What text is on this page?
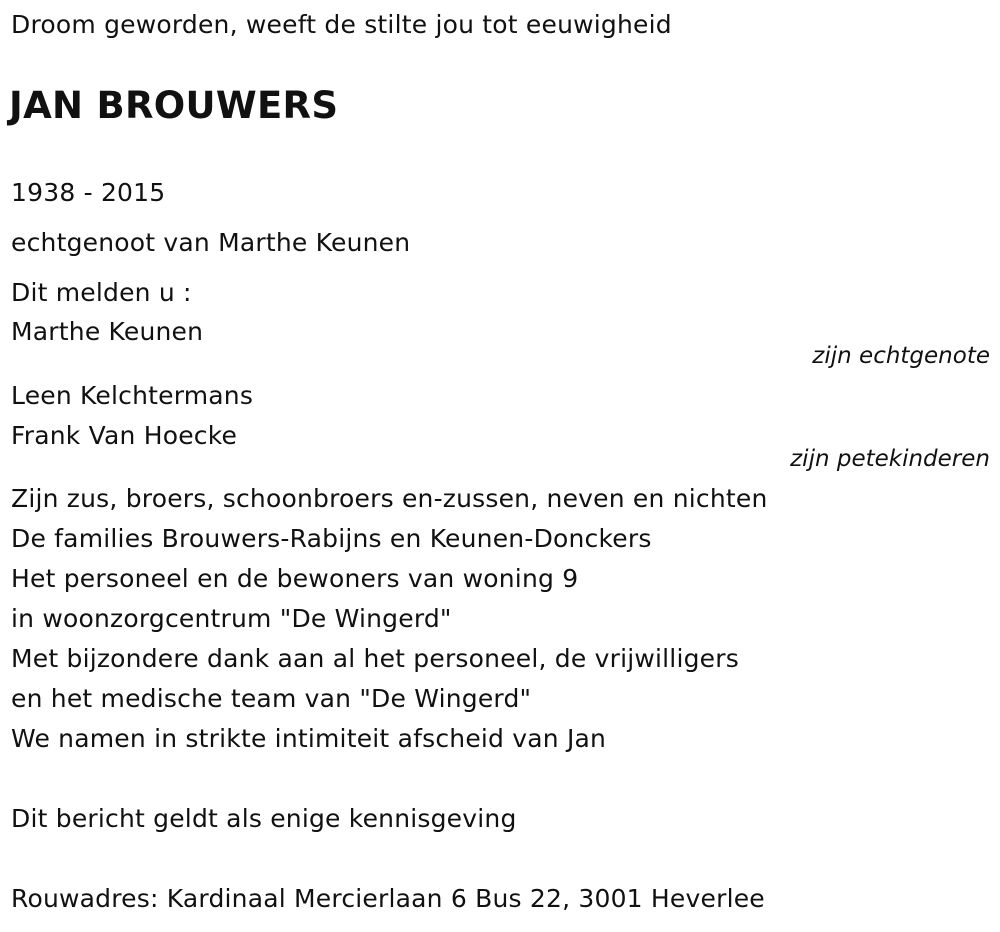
Droom geworden, weeft de stilte jou tot eeuwigheid
JAN BROUWERS
1938 - 2015
echtgenoot van Marthe Keunen
Dit melden u :
Marthe Keunen
zijn echtgenote
Leen Kelchtermans
Frank Van Hoecke
zijn petekinderen
Zijn zus, broers, schoonbroers en-zussen, neven en nichten
De families Brouwers-Rabijns en Keunen-Donckers
Het personeel en de bewoners van woning 9
in woonzorgcentrum "De Wingerd"
Met bijzondere dank aan al het personeel, de vrijwilligers
en het medische team van "De Wingerd"
We namen in strikte intimiteit afscheid van Jan
Dit bericht geldt als enige kennisgeving
Rouwadres: Kardinaal Mercierlaan 6 Bus 22, 3001 Heverlee
